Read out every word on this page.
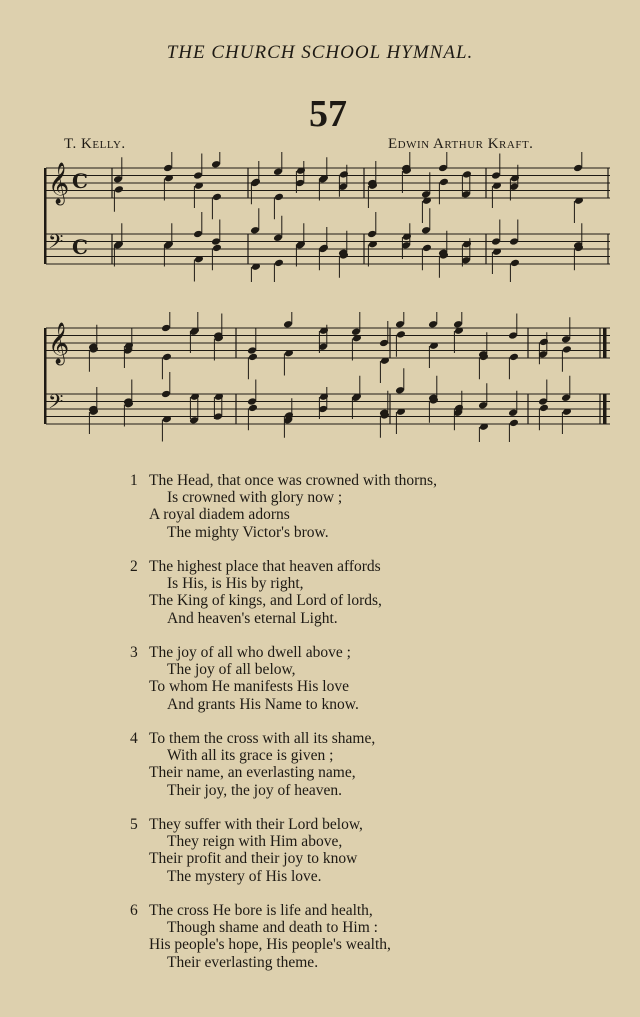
THE CHURCH SCHOOL HYMNAL.
57
T. Kelly.	Edwin Arthur Kraft.
𝄞 C
𝄢 C
𝄞
𝄢
1 The Head, that once was crowned with thorns,
Is crowned with glory now ;
A royal diadem adorns
The mighty Victor's brow.
2 The highest place that heaven affords
Is His, is His by right,
The King of kings, and Lord of lords,
And heaven's eternal Light.
3 The joy of all who dwell above ;
The joy of all below,
To whom He manifests His love
And grants His Name to know.
4 To them the cross with all its shame,
With all its grace is given ;
Their name, an everlasting name,
Their joy, the joy of heaven.
5 They suffer with their Lord below,
They reign with Him above,
Their profit and their joy to know
The mystery of His love.
6 The cross He bore is life and health,
Though shame and death to Him :
His people's hope, His people's wealth,
Their everlasting theme.
